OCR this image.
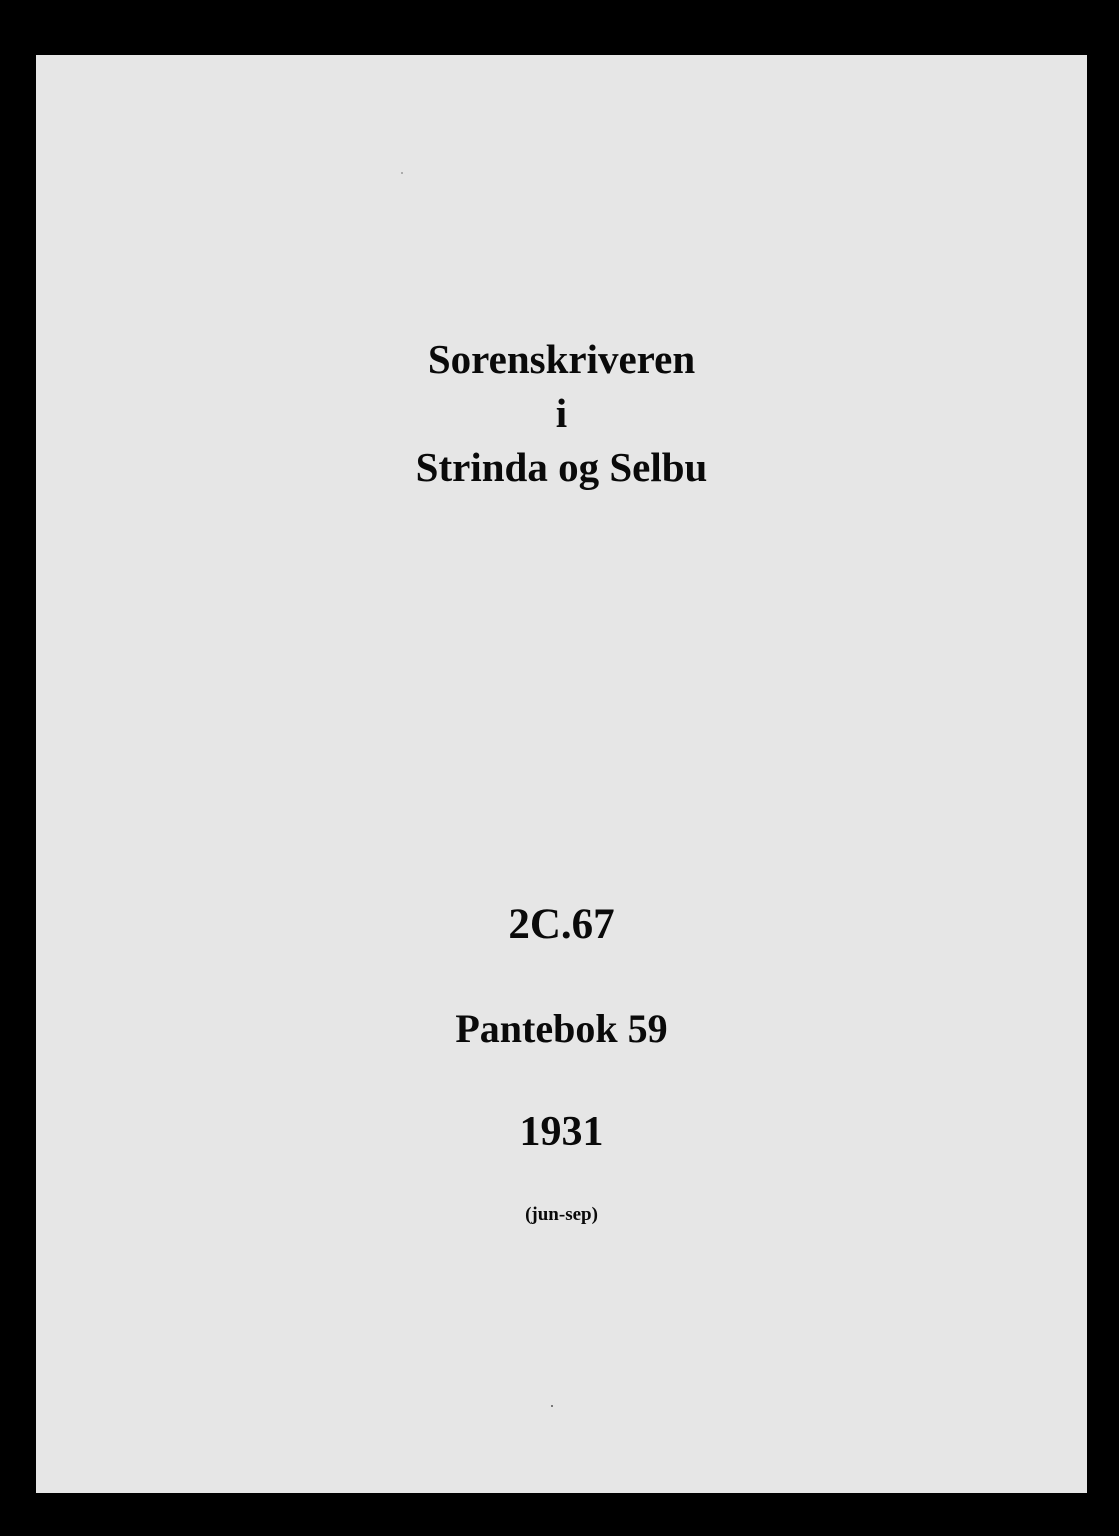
Sorenskriveren
i
Strinda og Selbu
2C.67
Pantebok 59
1931
(jun-sep)
